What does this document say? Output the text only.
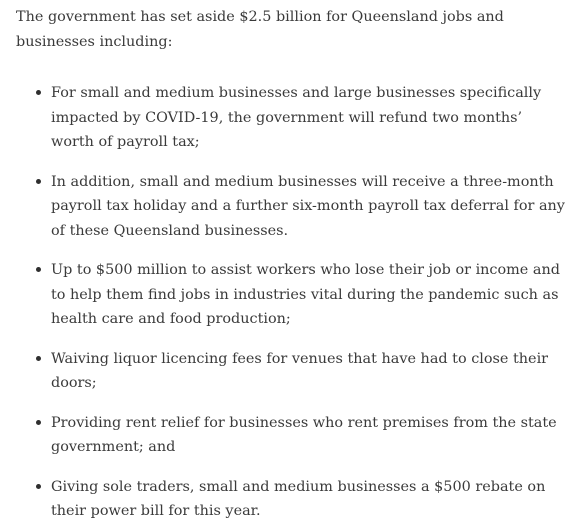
The government has set aside $2.5 billion for Queensland jobs and businesses including:

For small and medium businesses and large businesses specifically impacted by COVID-19, the government will refund two months’ worth of payroll tax;
In addition, small and medium businesses will receive a three-month payroll tax holiday and a further six-month payroll tax deferral for any of these Queensland businesses.
Up to $500 million to assist workers who lose their job or income and to help them find jobs in industries vital during the pandemic such as health care and food production;
Waiving liquor licencing fees for venues that have had to close their doors;
Providing rent relief for businesses who rent premises from the state government; and
Giving sole traders, small and medium businesses a $500 rebate on their power bill for this year.
